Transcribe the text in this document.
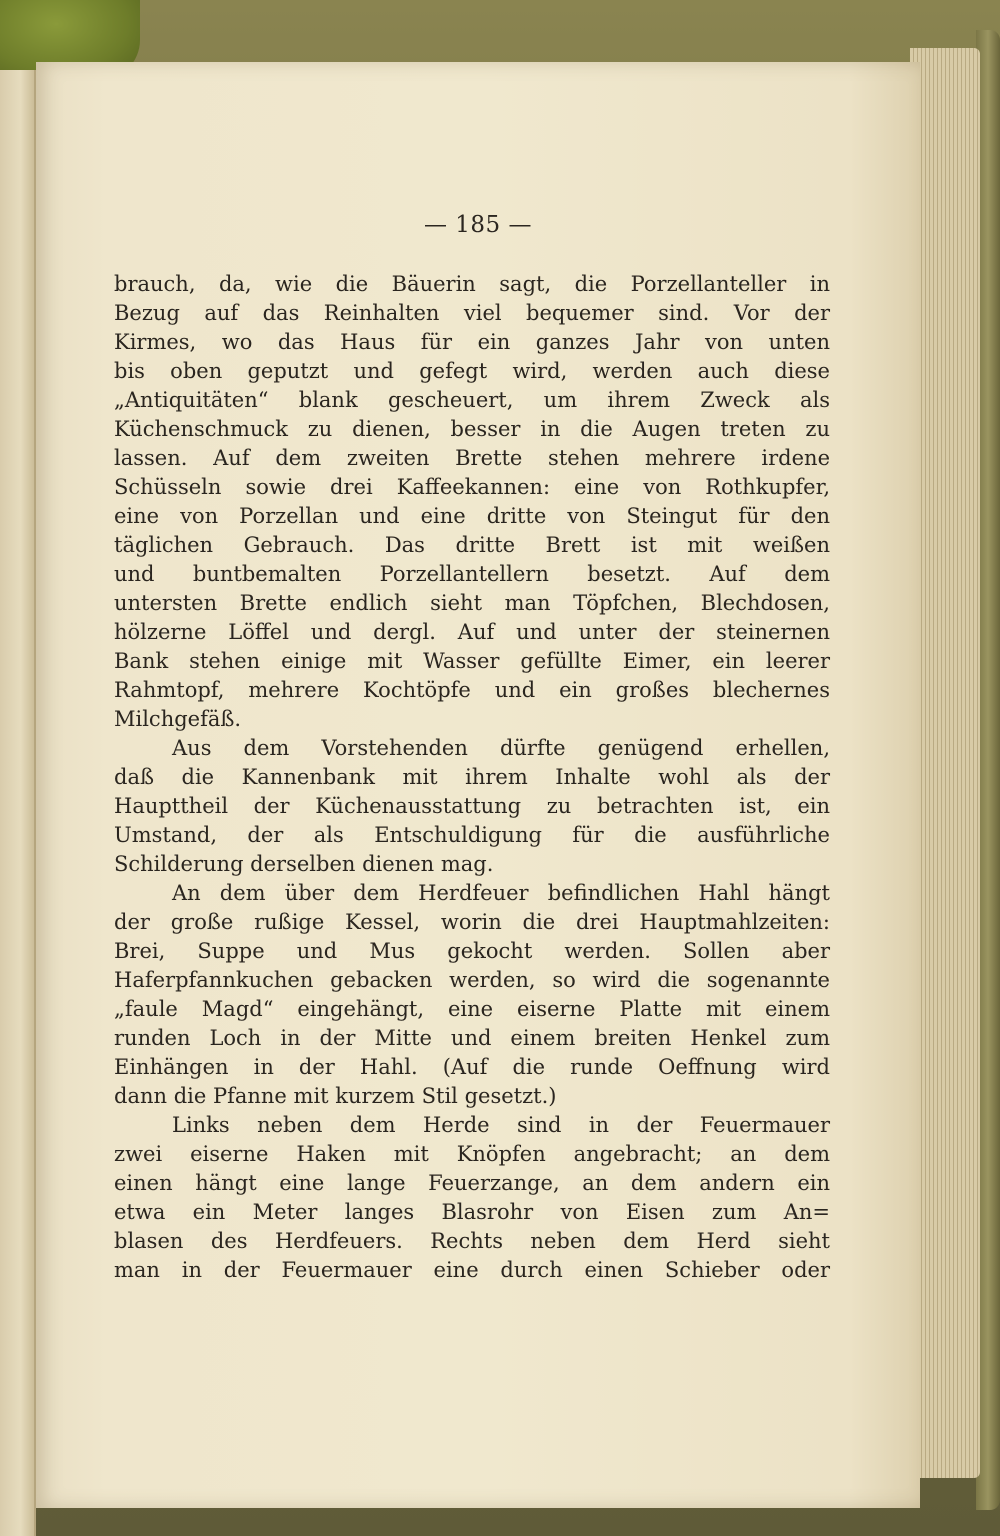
— 185 —
brauch, da, wie die Bäuerin sagt, die Porzellanteller in
Bezug auf das Reinhalten viel bequemer sind. Vor der
Kirmes, wo das Haus für ein ganzes Jahr von unten
bis oben geputzt und gefegt wird, werden auch diese
„Antiquitäten“ blank gescheuert, um ihrem Zweck als
Küchenschmuck zu dienen, besser in die Augen treten zu
lassen. Auf dem zweiten Brette stehen mehrere irdene
Schüsseln sowie drei Kaffeekannen: eine von Rothkupfer,
eine von Porzellan und eine dritte von Steingut für den
täglichen Gebrauch. Das dritte Brett ist mit weißen
und buntbemalten Porzellantellern besetzt. Auf dem
untersten Brette endlich sieht man Töpfchen, Blechdosen,
hölzerne Löffel und dergl. Auf und unter der steinernen
Bank stehen einige mit Wasser gefüllte Eimer, ein leerer
Rahmtopf, mehrere Kochtöpfe und ein großes blechernes
Milchgefäß.
Aus dem Vorstehenden dürfte genügend erhellen,
daß die Kannenbank mit ihrem Inhalte wohl als der
Haupttheil der Küchenausstattung zu betrachten ist, ein
Umstand, der als Entschuldigung für die ausführliche
Schilderung derselben dienen mag.
An dem über dem Herdfeuer befindlichen Hahl hängt
der große rußige Kessel, worin die drei Hauptmahlzeiten:
Brei, Suppe und Mus gekocht werden. Sollen aber
Haferpfannkuchen gebacken werden, so wird die sogenannte
„faule Magd“ eingehängt, eine eiserne Platte mit einem
runden Loch in der Mitte und einem breiten Henkel zum
Einhängen in der Hahl. (Auf die runde Oeffnung wird
dann die Pfanne mit kurzem Stil gesetzt.)
Links neben dem Herde sind in der Feuermauer
zwei eiserne Haken mit Knöpfen angebracht; an dem
einen hängt eine lange Feuerzange, an dem andern ein
etwa ein Meter langes Blasrohr von Eisen zum An=
blasen des Herdfeuers. Rechts neben dem Herd sieht
man in der Feuermauer eine durch einen Schieber oder
